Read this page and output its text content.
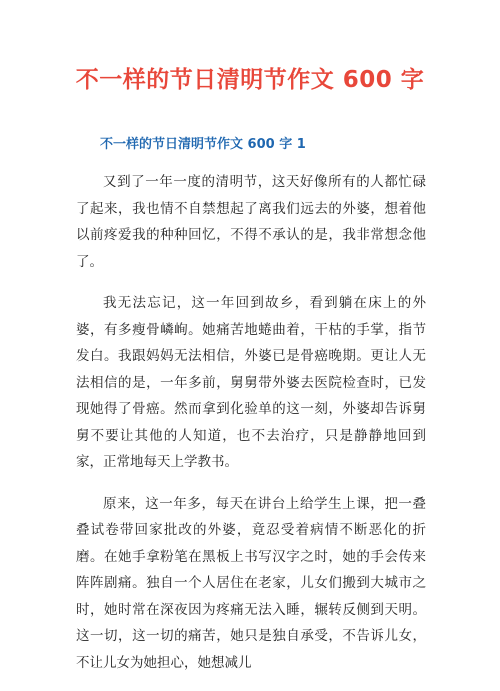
不一样的节日清明节作文 600 字
不一样的节日清明节作文 600 字 1

又到了一年一度的清明节，这天好像所有的人都忙碌了起来，我也情不自禁想起了离我们远去的外婆，想着他以前疼爱我的种种回忆，不得不承认的是，我非常想念他了。

我无法忘记，这一年回到故乡，看到躺在床上的外婆，有多瘦骨嶙峋。她痛苦地蜷曲着，干枯的手掌，指节发白。我跟妈妈无法相信，外婆已是骨癌晚期。更让人无法相信的是，一年多前，舅舅带外婆去医院检查时，已发现她得了骨癌。然而拿到化验单的这一刻，外婆却告诉舅舅不要让其他的人知道，也不去治疗，只是静静地回到家，正常地每天上学教书。

原来，这一年多，每天在讲台上给学生上课，把一叠叠试卷带回家批改的外婆，竟忍受着病情不断恶化的折磨。在她手拿粉笔在黑板上书写汉字之时，她的手会传来阵阵剧痛。独自一个人居住在老家，儿女们搬到大城市之时，她时常在深夜因为疼痛无法入睡，辗转反侧到天明。这一切，这一切的痛苦，她只是独自承受，不告诉儿女，不让儿女为她担心，她想减儿
